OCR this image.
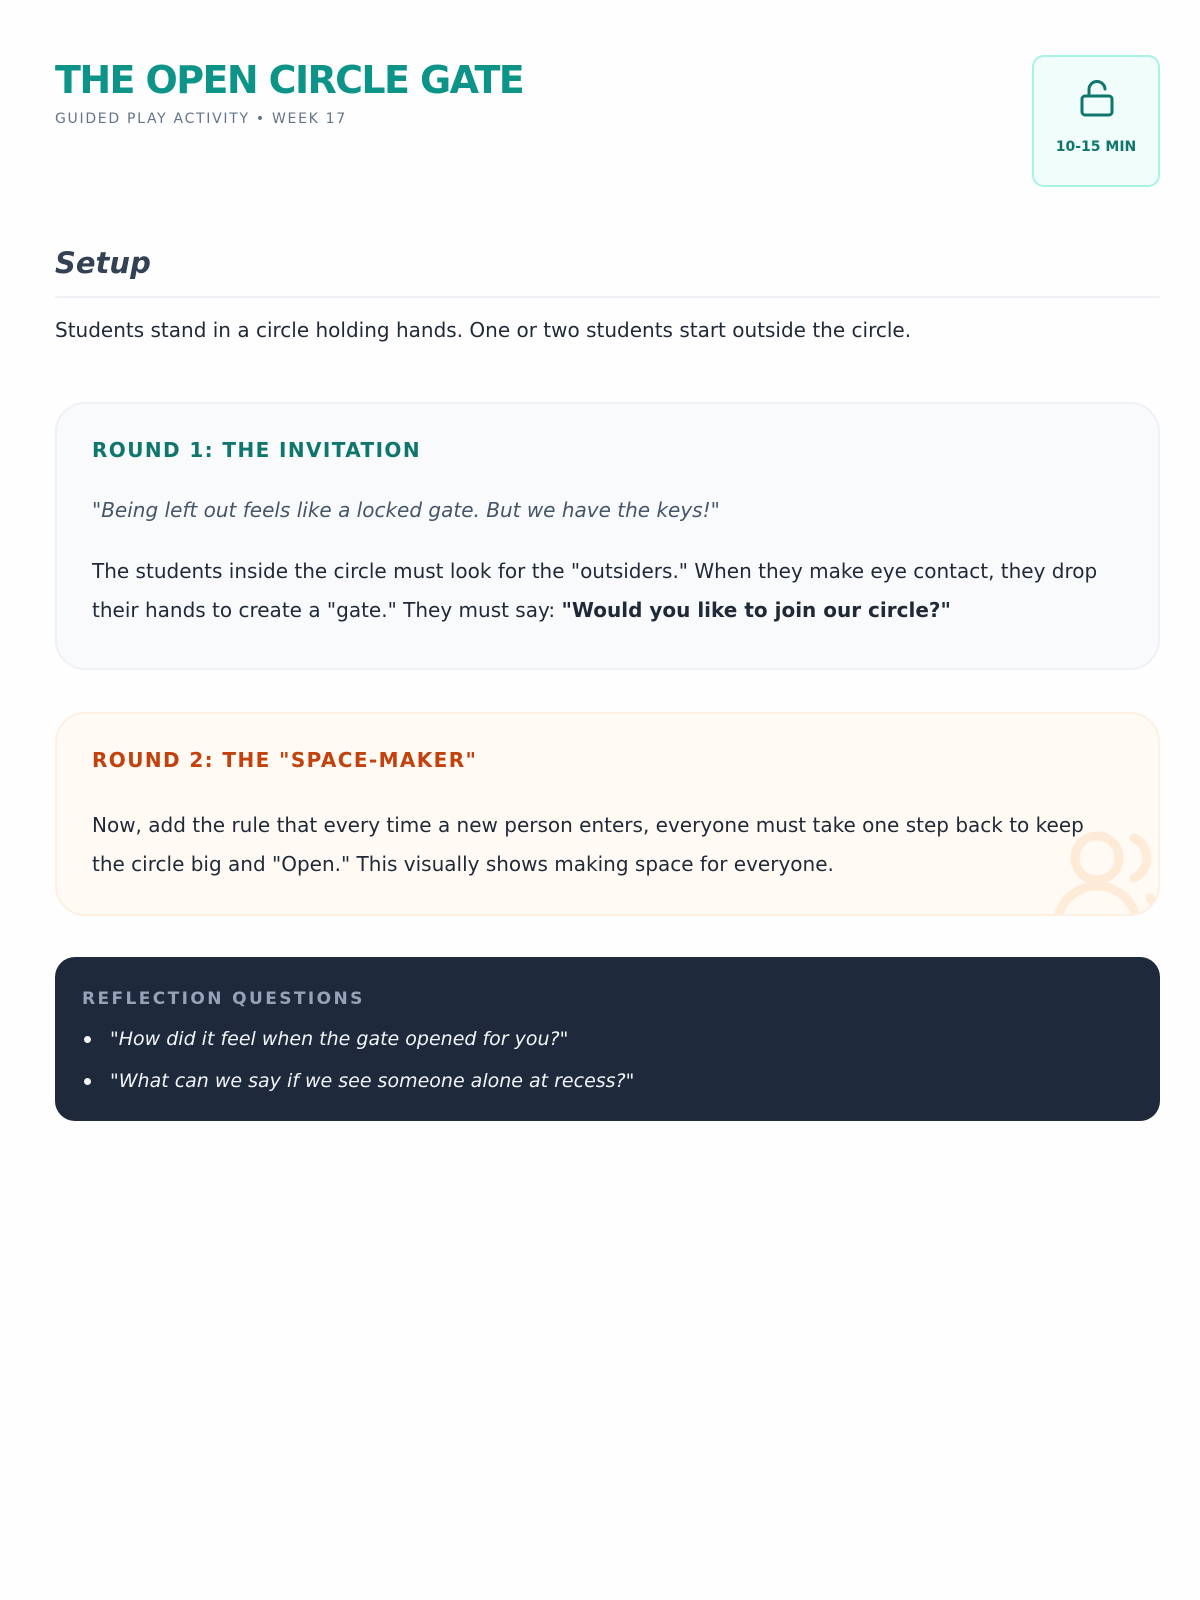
THE OPEN CIRCLE GATE
GUIDED PLAY ACTIVITY • WEEK 17
10-15 MIN
Setup
Students stand in a circle holding hands. One or two students start outside the circle.
ROUND 1: THE INVITATION
"Being left out feels like a locked gate. But we have the keys!"
The students inside the circle must look for the "outsiders." When they make eye contact, they drop their hands to create a "gate." They must say: "Would you like to join our circle?"
ROUND 2: THE "SPACE-MAKER"
Now, add the rule that every time a new person enters, everyone must take one step back to keep the circle big and "Open." This visually shows making space for everyone.
REFLECTION QUESTIONS
"How did it feel when the gate opened for you?"
"What can we say if we see someone alone at recess?"
